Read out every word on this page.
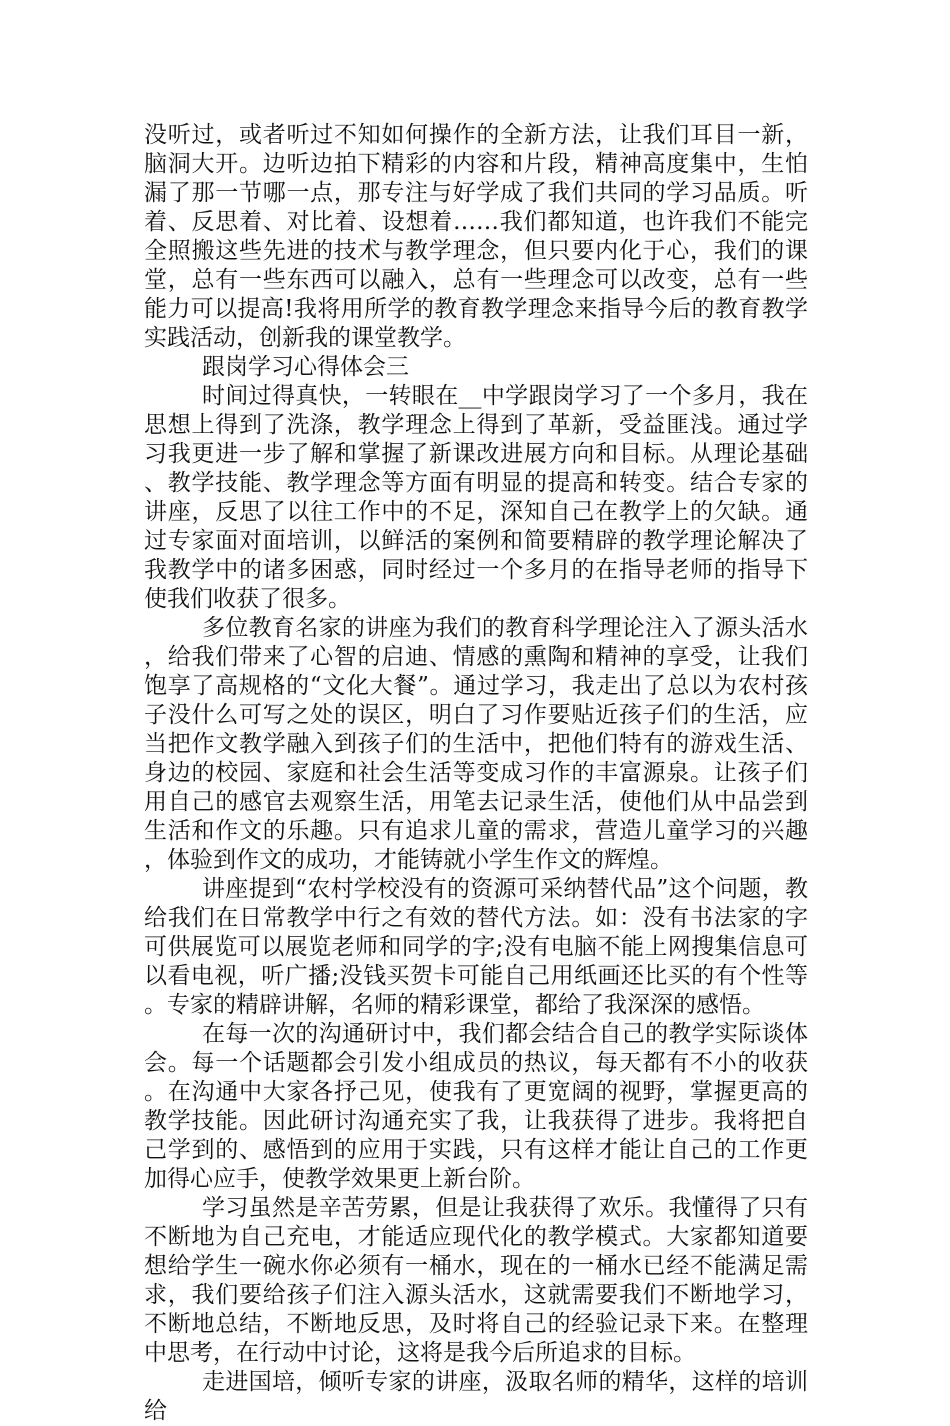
没听过，或者听过不知如何操作的全新方法，让我们耳目一新，脑洞大开。边听边拍下精彩的内容和片段，精神高度集中，生怕漏了那一节哪一点，那专注与好学成了我们共同的学习品质。听着、反思着、对比着、设想着……我们都知道，也许我们不能完全照搬这些先进的技术与教学理念，但只要内化于心，我们的课堂，总有一些东西可以融入，总有一些理念可以改变，总有一些能力可以提高!我将用所学的教育教学理念来指导今后的教育教学实践活动，创新我的课堂教学。

跟岗学习心得体会三

时间过得真快，一转眼在__中学跟岗学习了一个多月，我在思想上得到了洗涤，教学理念上得到了革新，受益匪浅。通过学习我更进一步了解和掌握了新课改进展方向和目标。从理论基础、教学技能、教学理念等方面有明显的提高和转变。结合专家的讲座，反思了以往工作中的不足，深知自己在教学上的欠缺。通过专家面对面培训，以鲜活的案例和简要精辟的教学理论解决了我教学中的诸多困惑，同时经过一个多月的在指导老师的指导下使我们收获了很多。

多位教育名家的讲座为我们的教育科学理论注入了源头活水，给我们带来了心智的启迪、情感的熏陶和精神的享受，让我们饱享了高规格的“文化大餐”。通过学习，我走出了总以为农村孩子没什么可写之处的误区，明白了习作要贴近孩子们的生活，应当把作文教学融入到孩子们的生活中，把他们特有的游戏生活、身边的校园、家庭和社会生活等变成习作的丰富源泉。让孩子们用自己的感官去观察生活，用笔去记录生活，使他们从中品尝到生活和作文的乐趣。只有追求儿童的需求，营造儿童学习的兴趣，体验到作文的成功，才能铸就小学生作文的辉煌。

讲座提到“农村学校没有的资源可采纳替代品”这个问题，教给我们在日常教学中行之有效的替代方法。如：没有书法家的字可供展览可以展览老师和同学的字;没有电脑不能上网搜集信息可以看电视，听广播;没钱买贺卡可能自己用纸画还比买的有个性等。专家的精辟讲解，名师的精彩课堂，都给了我深深的感悟。

在每一次的沟通研讨中，我们都会结合自己的教学实际谈体会。每一个话题都会引发小组成员的热议，每天都有不小的收获。在沟通中大家各抒己见，使我有了更宽阔的视野，掌握更高的教学技能。因此研讨沟通充实了我，让我获得了进步。我将把自己学到的、感悟到的应用于实践，只有这样才能让自己的工作更加得心应手，使教学效果更上新台阶。

学习虽然是辛苦劳累，但是让我获得了欢乐。我懂得了只有不断地为自己充电，才能适应现代化的教学模式。大家都知道要想给学生一碗水你必须有一桶水，现在的一桶水已经不能满足需求，我们要给孩子们注入源头活水，这就需要我们不断地学习，不断地总结，不断地反思，及时将自己的经验记录下来。在整理中思考，在行动中讨论，这将是我今后所追求的目标。

走进国培，倾听专家的讲座，汲取名师的精华，这样的培训给
